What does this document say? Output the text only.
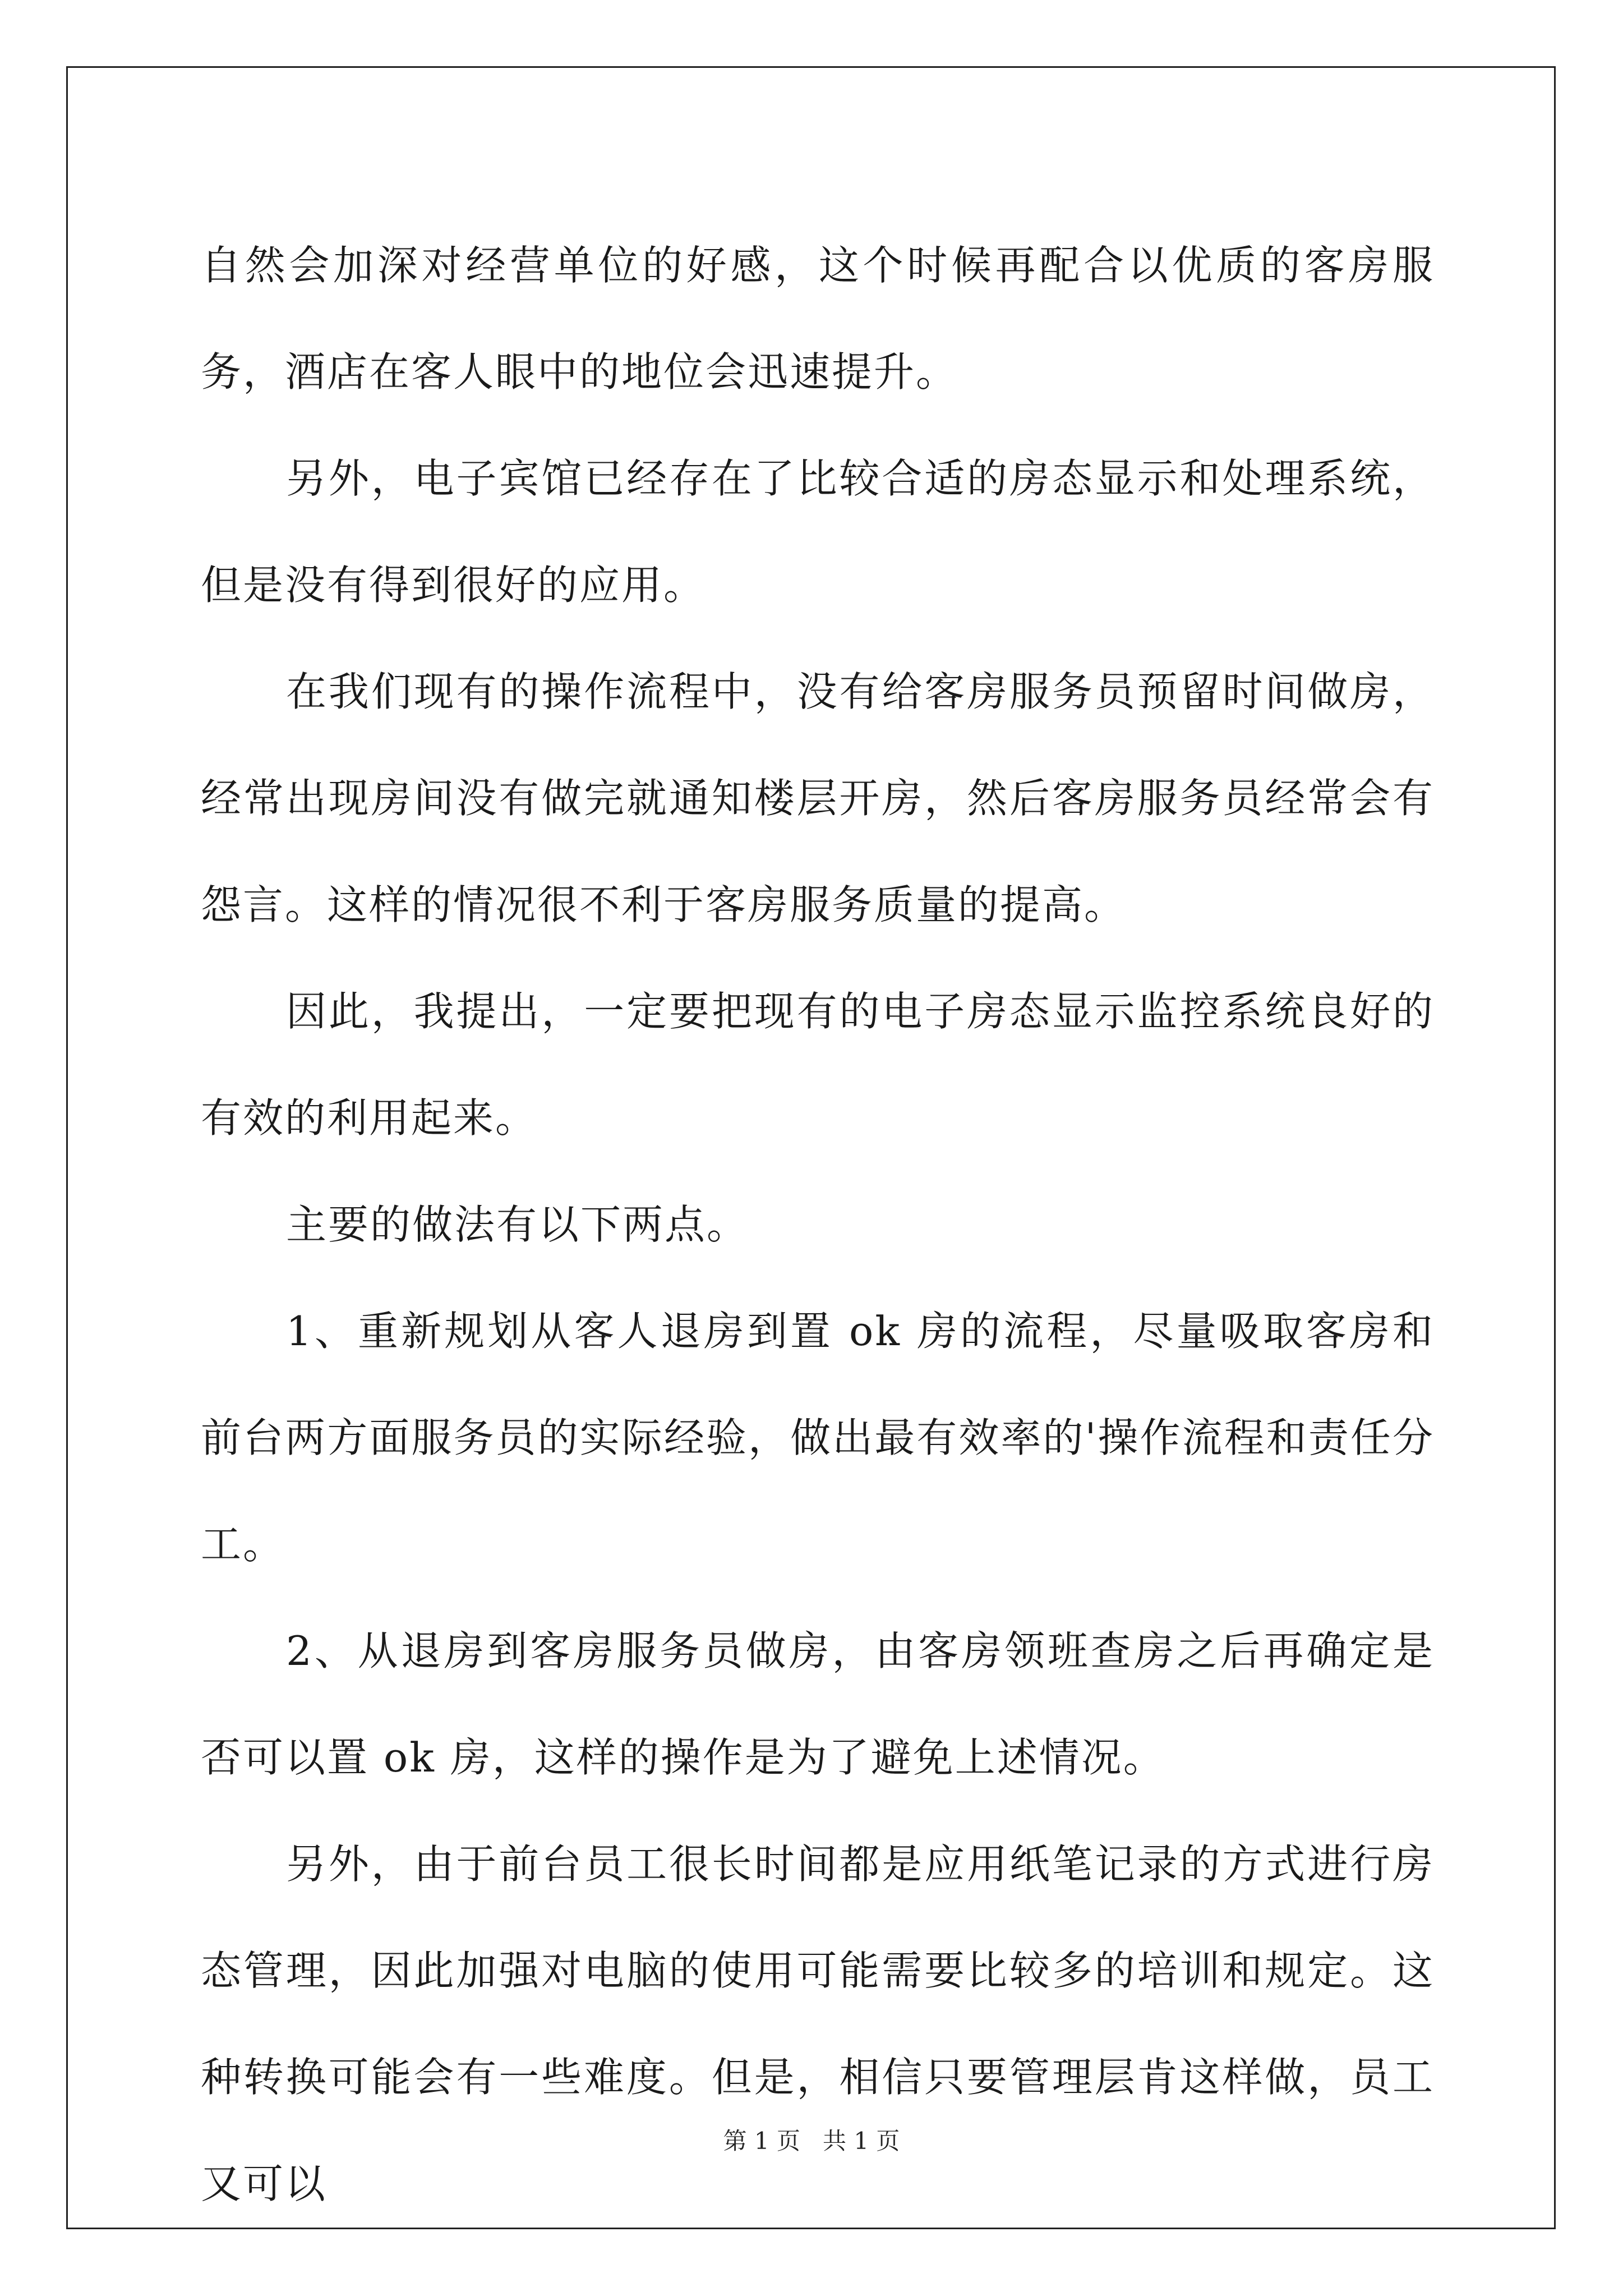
自然会加深对经营单位的好感，这个时候再配合以优质的客房服务，酒店在客人眼中的地位会迅速提升。

另外，电子宾馆已经存在了比较合适的房态显示和处理系统，但是没有得到很好的应用。

在我们现有的操作流程中，没有给客房服务员预留时间做房，经常出现房间没有做完就通知楼层开房，然后客房服务员经常会有怨言。这样的情况很不利于客房服务质量的提高。

因此，我提出，一定要把现有的电子房态显示监控系统良好的有效的利用起来。

主要的做法有以下两点。

1、重新规划从客人退房到置 ok 房的流程，尽量吸取客房和前台两方面服务员的实际经验，做出最有效率的'操作流程和责任分工。

2、从退房到客房服务员做房，由客房领班查房之后再确定是否可以置 ok 房，这样的操作是为了避免上述情况。

另外，由于前台员工很长时间都是应用纸笔记录的方式进行房态管理，因此加强对电脑的使用可能需要比较多的培训和规定。这种转换可能会有一些难度。但是，相信只要管理层肯这样做，员工又可以

第 1 页 共 1 页
